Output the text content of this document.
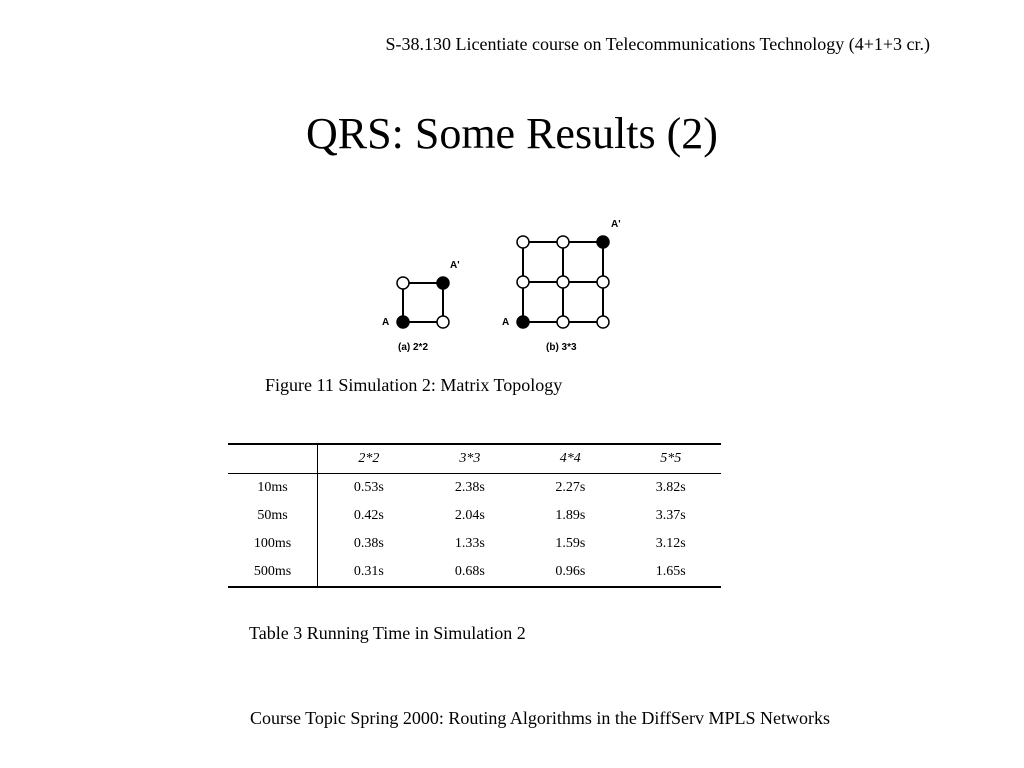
S-38.130 Licentiate course on Telecommunications Technology (4+1+3 cr.)
QRS: Some Results (2)
A'
A
(a) 2*2
A'
A
(b) 3*3
Figure 11 Simulation 2: Matrix Topology
	2*2	3*3	4*4	5*5
10ms	0.53s	2.38s	2.27s	3.82s
50ms	0.42s	2.04s	1.89s	3.37s
100ms	0.38s	1.33s	1.59s	3.12s
500ms	0.31s	0.68s	0.96s	1.65s
Table 3 Running Time in Simulation 2
Course Topic Spring 2000: Routing Algorithms in the DiffServ MPLS Networks
